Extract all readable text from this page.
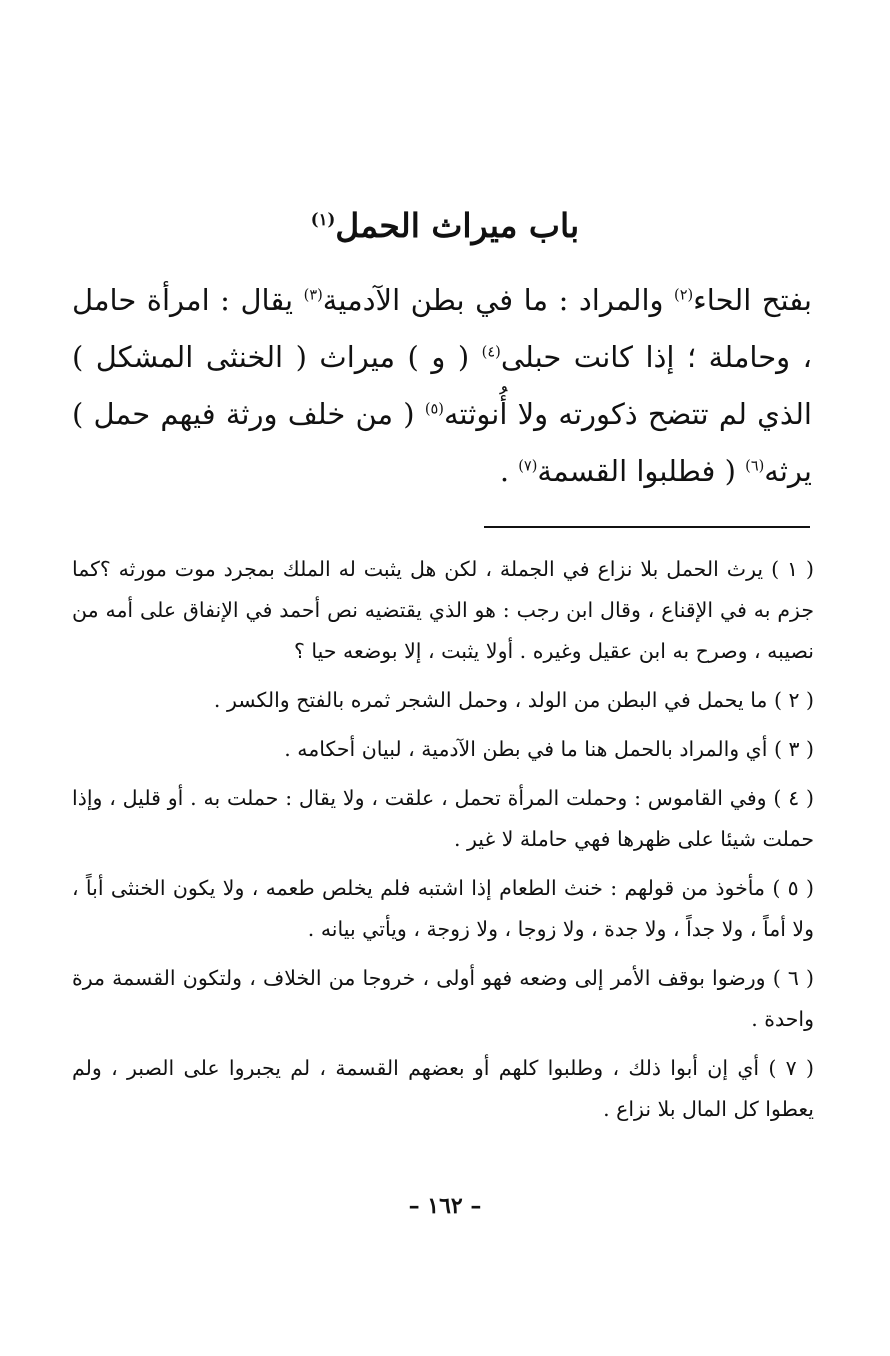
باب ميراث الحمل$^{(١)}$
بفتح الحاء$^{(٢)}$ والمراد : ما في بطن الآدمية$^{(٣)}$ يقال : امرأة حامل ، وحاملة ؛ إذا كانت حبلى$^{(٤)}$ ( و ) ميراث ( الخنثى المشكل ) الذي لم تتضح ذكورته ولا أُنوثته$^{(٥)}$ ( من خلف ورثة فيهم حمل ) يرثه$^{(٦)}$ ( فطلبوا القسمة$^{(٧)}$ .

( ١ ) يرث الحمل بلا نزاع في الجملة ، لكن هل يثبت له الملك بمجرد موت مورثه ؟كما جزم به في الإقناع ، وقال ابن رجب : هو الذي يقتضيه نص أحمد في الإنفاق على أمه من نصيبه ، وصرح به ابن عقيل وغيره . أولا يثبت ، إلا بوضعه حيا ؟

( ٢ ) ما يحمل في البطن من الولد ، وحمل الشجر ثمره بالفتح والكسر .

( ٣ ) أي والمراد بالحمل هنا ما في بطن الآدمية ، لبيان أحكامه .

( ٤ ) وفي القاموس : وحملت المرأة تحمل ، علقت ، ولا يقال : حملت به . أو قليل ، وإذا حملت شيئا على ظهرها فهي حاملة لا غير .

( ٥ ) مأخوذ من قولهم : خنث الطعام إذا اشتبه فلم يخلص طعمه ، ولا يكون الخنثى أباً ، ولا أماً ، ولا جداً ، ولا جدة ، ولا زوجا ، ولا زوجة ، ويأتي بيانه .

( ٦ ) ورضوا بوقف الأمر إلى وضعه فهو أولى ، خروجا من الخلاف ، ولتكون القسمة مرة واحدة .

( ٧ ) أي إن أبوا ذلك ، وطلبوا كلهم أو بعضهم القسمة ، لم يجبروا على الصبر ، ولم يعطوا كل المال بلا نزاع .

– ١٦٢ –
